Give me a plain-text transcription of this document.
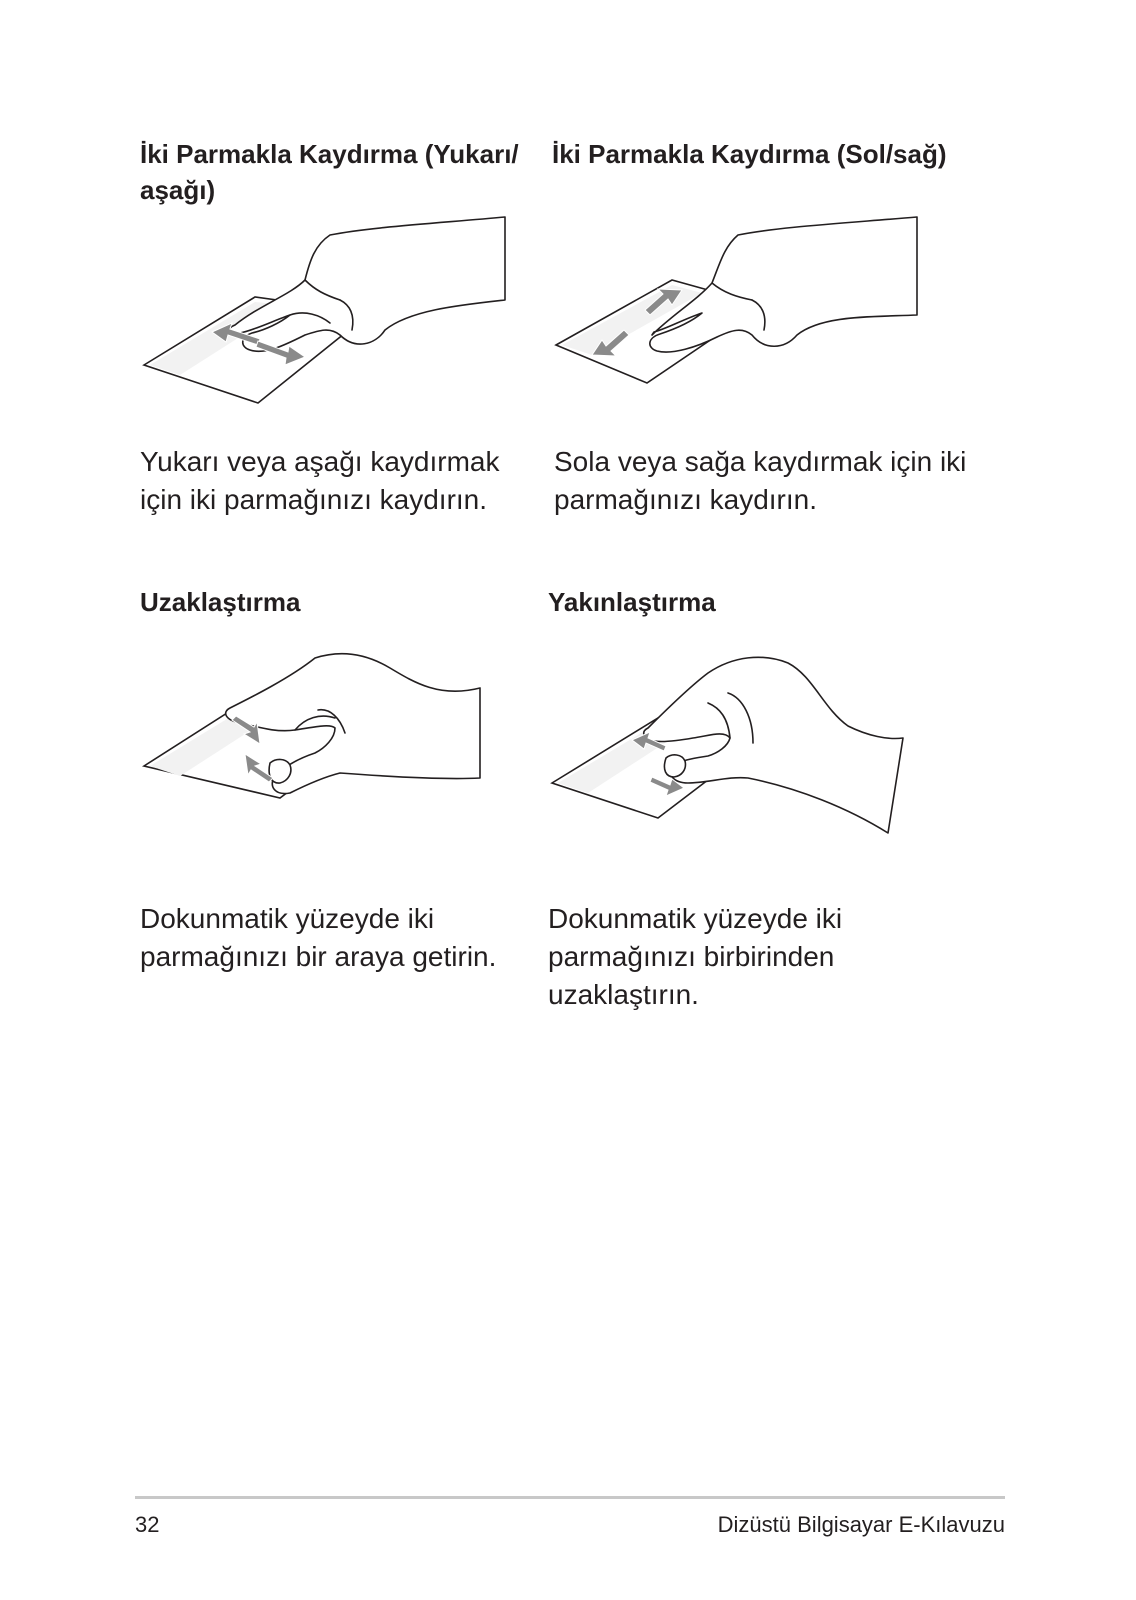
İki Parmakla Kaydırma (Yukarı/ aşağı)

Yukarı veya aşağı kaydırmak için iki parmağınızı kaydırın.

İki Parmakla Kaydırma (Sol/sağ)

Sola veya sağa kaydırmak için iki parmağınızı kaydırın.

Uzaklaştırma

Dokunmatik yüzeyde iki parmağınızı bir araya getirin.

Yakınlaştırma

Dokunmatik yüzeyde iki parmağınızı birbirinden uzaklaştırın.

32	Dizüstü Bilgisayar E-Kılavuzu
